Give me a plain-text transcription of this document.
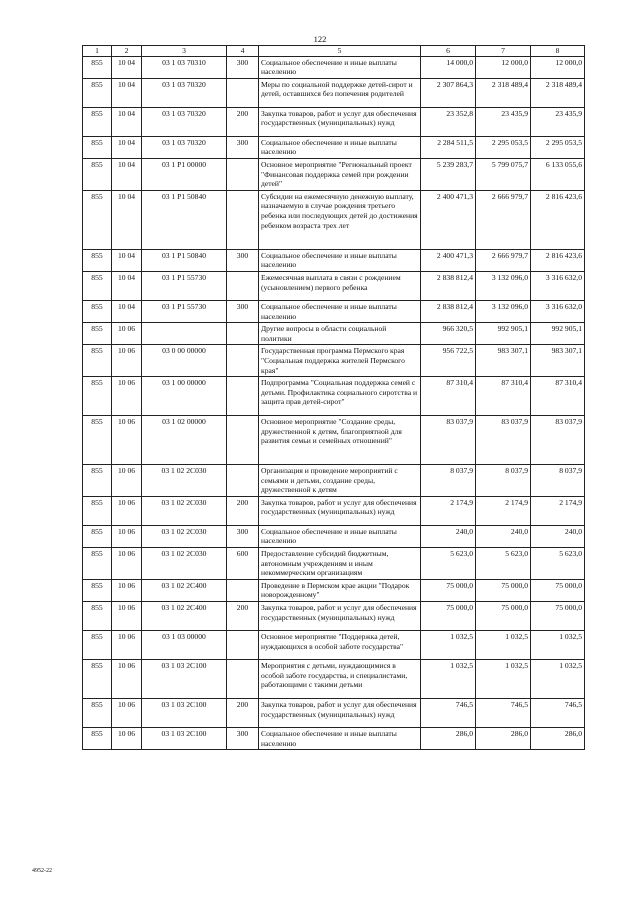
122
1	2	3	4	5	6	7	8
855	10 04	03 1 03 70310	300	Социальное обеспечение и иные выплаты населению	14 000,0	12 000,0	12 000,0
855	10 04	03 1 03 70320		Меры по социальной поддержке детей-сирот и детей, оставшихся без попечения родителей	2 307 864,3	2 318 489,4	2 318 489,4
855	10 04	03 1 03 70320	200	Закупка товаров, работ и услуг для обеспечения государственных (муниципальных) нужд	23 352,8	23 435,9	23 435,9
855	10 04	03 1 03 70320	300	Социальное обеспечение и иные выплаты населению	2 284 511,5	2 295 053,5	2 295 053,5
855	10 04	03 1 P1 00000		Основное мероприятие "Региональный проект "Финансовая поддержка семей при рождении детей"	5 239 283,7	5 799 075,7	6 133 055,6
855	10 04	03 1 P1 50840		Субсидии на ежемесячную денежную выплату, назначаемую в случае рождения третьего ребенка или последующих детей до достижения ребенком возраста трех лет	2 400 471,3	2 666 979,7	2 816 423,6
855	10 04	03 1 P1 50840	300	Социальное обеспечение и иные выплаты населению	2 400 471,3	2 666 979,7	2 816 423,6
855	10 04	03 1 P1 55730		Ежемесячная выплата в связи с рождением (усыновлением) первого ребенка	2 838 812,4	3 132 096,0	3 316 632,0
855	10 04	03 1 P1 55730	300	Социальное обеспечение и иные выплаты населению	2 838 812,4	3 132 096,0	3 316 632,0
855	10 06			Другие вопросы в области социальной политики	966 320,5	992 905,1	992 905,1
855	10 06	03 0 00 00000		Государственная программа Пермского края "Социальная поддержка жителей Пермского края"	956 722,5	983 307,1	983 307,1
855	10 06	03 1 00 00000		Подпрограмма "Социальная поддержка семей с детьми. Профилактика социального сиротства и защита прав детей-сирот"	87 310,4	87 310,4	87 310,4
855	10 06	03 1 02 00000		Основное мероприятие "Создание среды, дружественной к детям, благоприятной для развития семьи и семейных отношений"	83 037,9	83 037,9	83 037,9
855	10 06	03 1 02 2C030		Организация и проведение мероприятий с семьями и детьми, создание среды, дружественной к детям	8 037,9	8 037,9	8 037,9
855	10 06	03 1 02 2C030	200	Закупка товаров, работ и услуг для обеспечения государственных (муниципальных) нужд	2 174,9	2 174,9	2 174,9
855	10 06	03 1 02 2C030	300	Социальное обеспечение и иные выплаты населению	240,0	240,0	240,0
855	10 06	03 1 02 2C030	600	Предоставление субсидий бюджетным, автономным учреждениям и иным некоммерческим организациям	5 623,0	5 623,0	5 623,0
855	10 06	03 1 02 2C400		Проведение в Пермском крае акции "Подарок новорожденному"	75 000,0	75 000,0	75 000,0
855	10 06	03 1 02 2C400	200	Закупка товаров, работ и услуг для обеспечения государственных (муниципальных) нужд	75 000,0	75 000,0	75 000,0
855	10 06	03 1 03 00000		Основное мероприятие "Поддержка детей, нуждающихся в особой заботе государства"	1 032,5	1 032,5	1 032,5
855	10 06	03 1 03 2C100		Мероприятия с детьми, нуждающимися в особой заботе государства, и специалистами, работающими с такими детьми	1 032,5	1 032,5	1 032,5
855	10 06	03 1 03 2C100	200	Закупка товаров, работ и услуг для обеспечения государственных (муниципальных) нужд	746,5	746,5	746,5
855	10 06	03 1 03 2C100	300	Социальное обеспечение и иные выплаты населению	286,0	286,0	286,0
4952-22
